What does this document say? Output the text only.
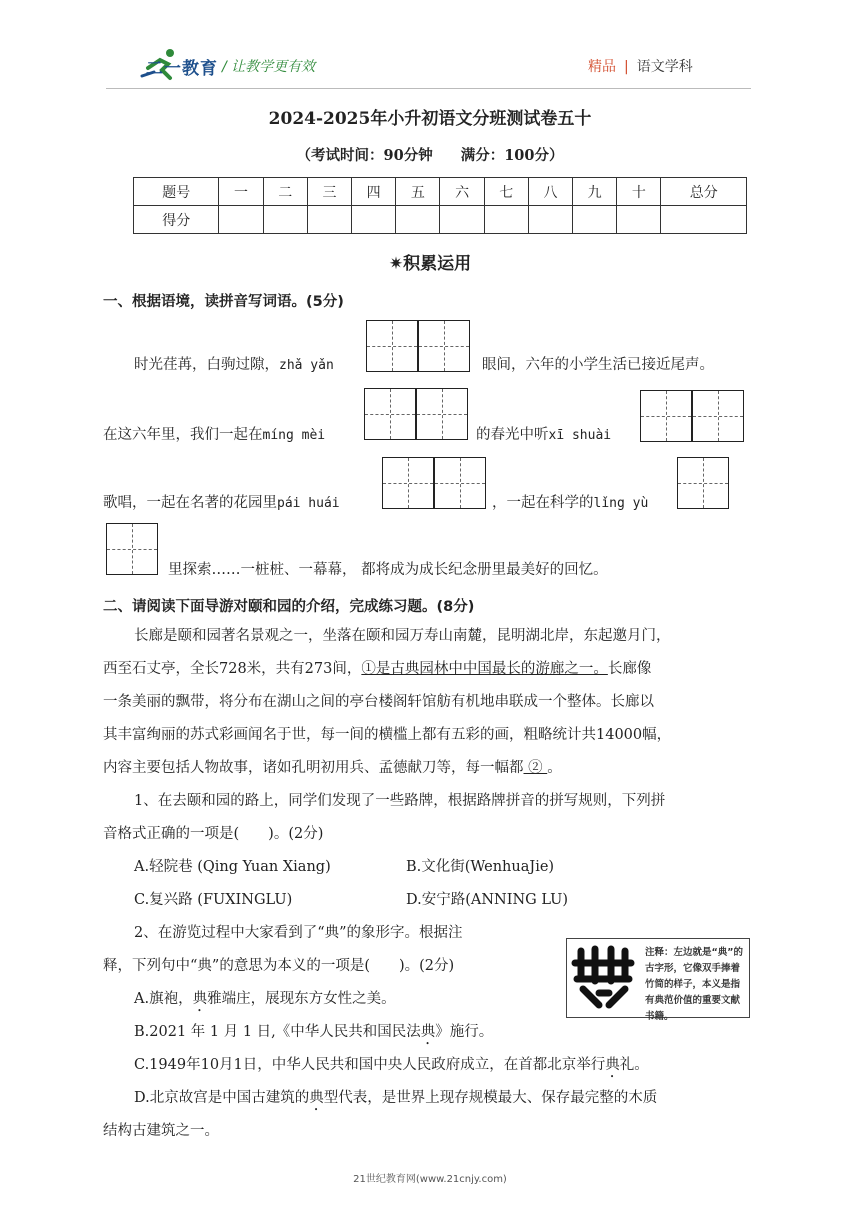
二一教育 / 让教学更有效	精品 | 语文学科
2024-2025年小升初语文分班测试卷五十
（考试时间：90分钟 满分：100分）
题号	一	二	三	四	五	六	七	八	九	十	总分
得分											
✷积累运用
一、根据语境，读拼音写词语。(5分)
时光荏苒，白驹过隙，zhǎ yǎn	眼间，六年的小学生活已接近尾声。
在这六年里，我们一起在míng mèi	的春光中听xī shuài
歌唱，一起在名著的花园里pái huái	，一起在科学的lǐng yù
里探索……一桩桩、一幕幕， 都将成为成长纪念册里最美好的回忆。
二、请阅读下面导游对颐和园的介绍，完成练习题。(8分)
长廊是颐和园著名景观之一，坐落在颐和园万寿山南麓，昆明湖北岸，东起邀月门，
西至石丈亭，全长728米，共有273间，①是古典园林中中国最长的游廊之一。长廊像
一条美丽的飘带，将分布在湖山之间的亭台楼阁轩馆舫有机地串联成一个整体。长廊以
其丰富绚丽的苏式彩画闻名于世，每一间的横槛上都有五彩的画，粗略统计共14000幅，
内容主要包括人物故事，诸如孔明初用兵、孟德献刀等，每一幅都 ② 。
1、在去颐和园的路上，同学们发现了一些路牌，根据路牌拼音的拼写规则，下列拼
音格式正确的一项是(　　)。(2分)
A.轻院巷 (Qing Yuan Xiang)	B.文化街(WenhuaJie)
C.复兴路 (FUXINGLU)	D.安宁路(ANNING LU)
2、在游览过程中大家看到了“典”的象形字。根据注
释，下列句中“典”的意思为本义的一项是(　　)。(2分)
A.旗袍，典雅端庄，展现东方女性之美。
B.2021 年 1 月 1 日,《中华人民共和国民法典》施行。
C.1949年10月1日，中华人民共和国中央人民政府成立，在首都北京举行典礼。
D.北京故宫是中国古建筑的典型代表，是世界上现存规模最大、保存最完整的木质
结构古建筑之一。
注释：左边就是“典”的古字形，它像双手捧着竹简的样子，本义是指有典范价值的重要文献书籍。
21世纪教育网(www.21cnjy.com)
